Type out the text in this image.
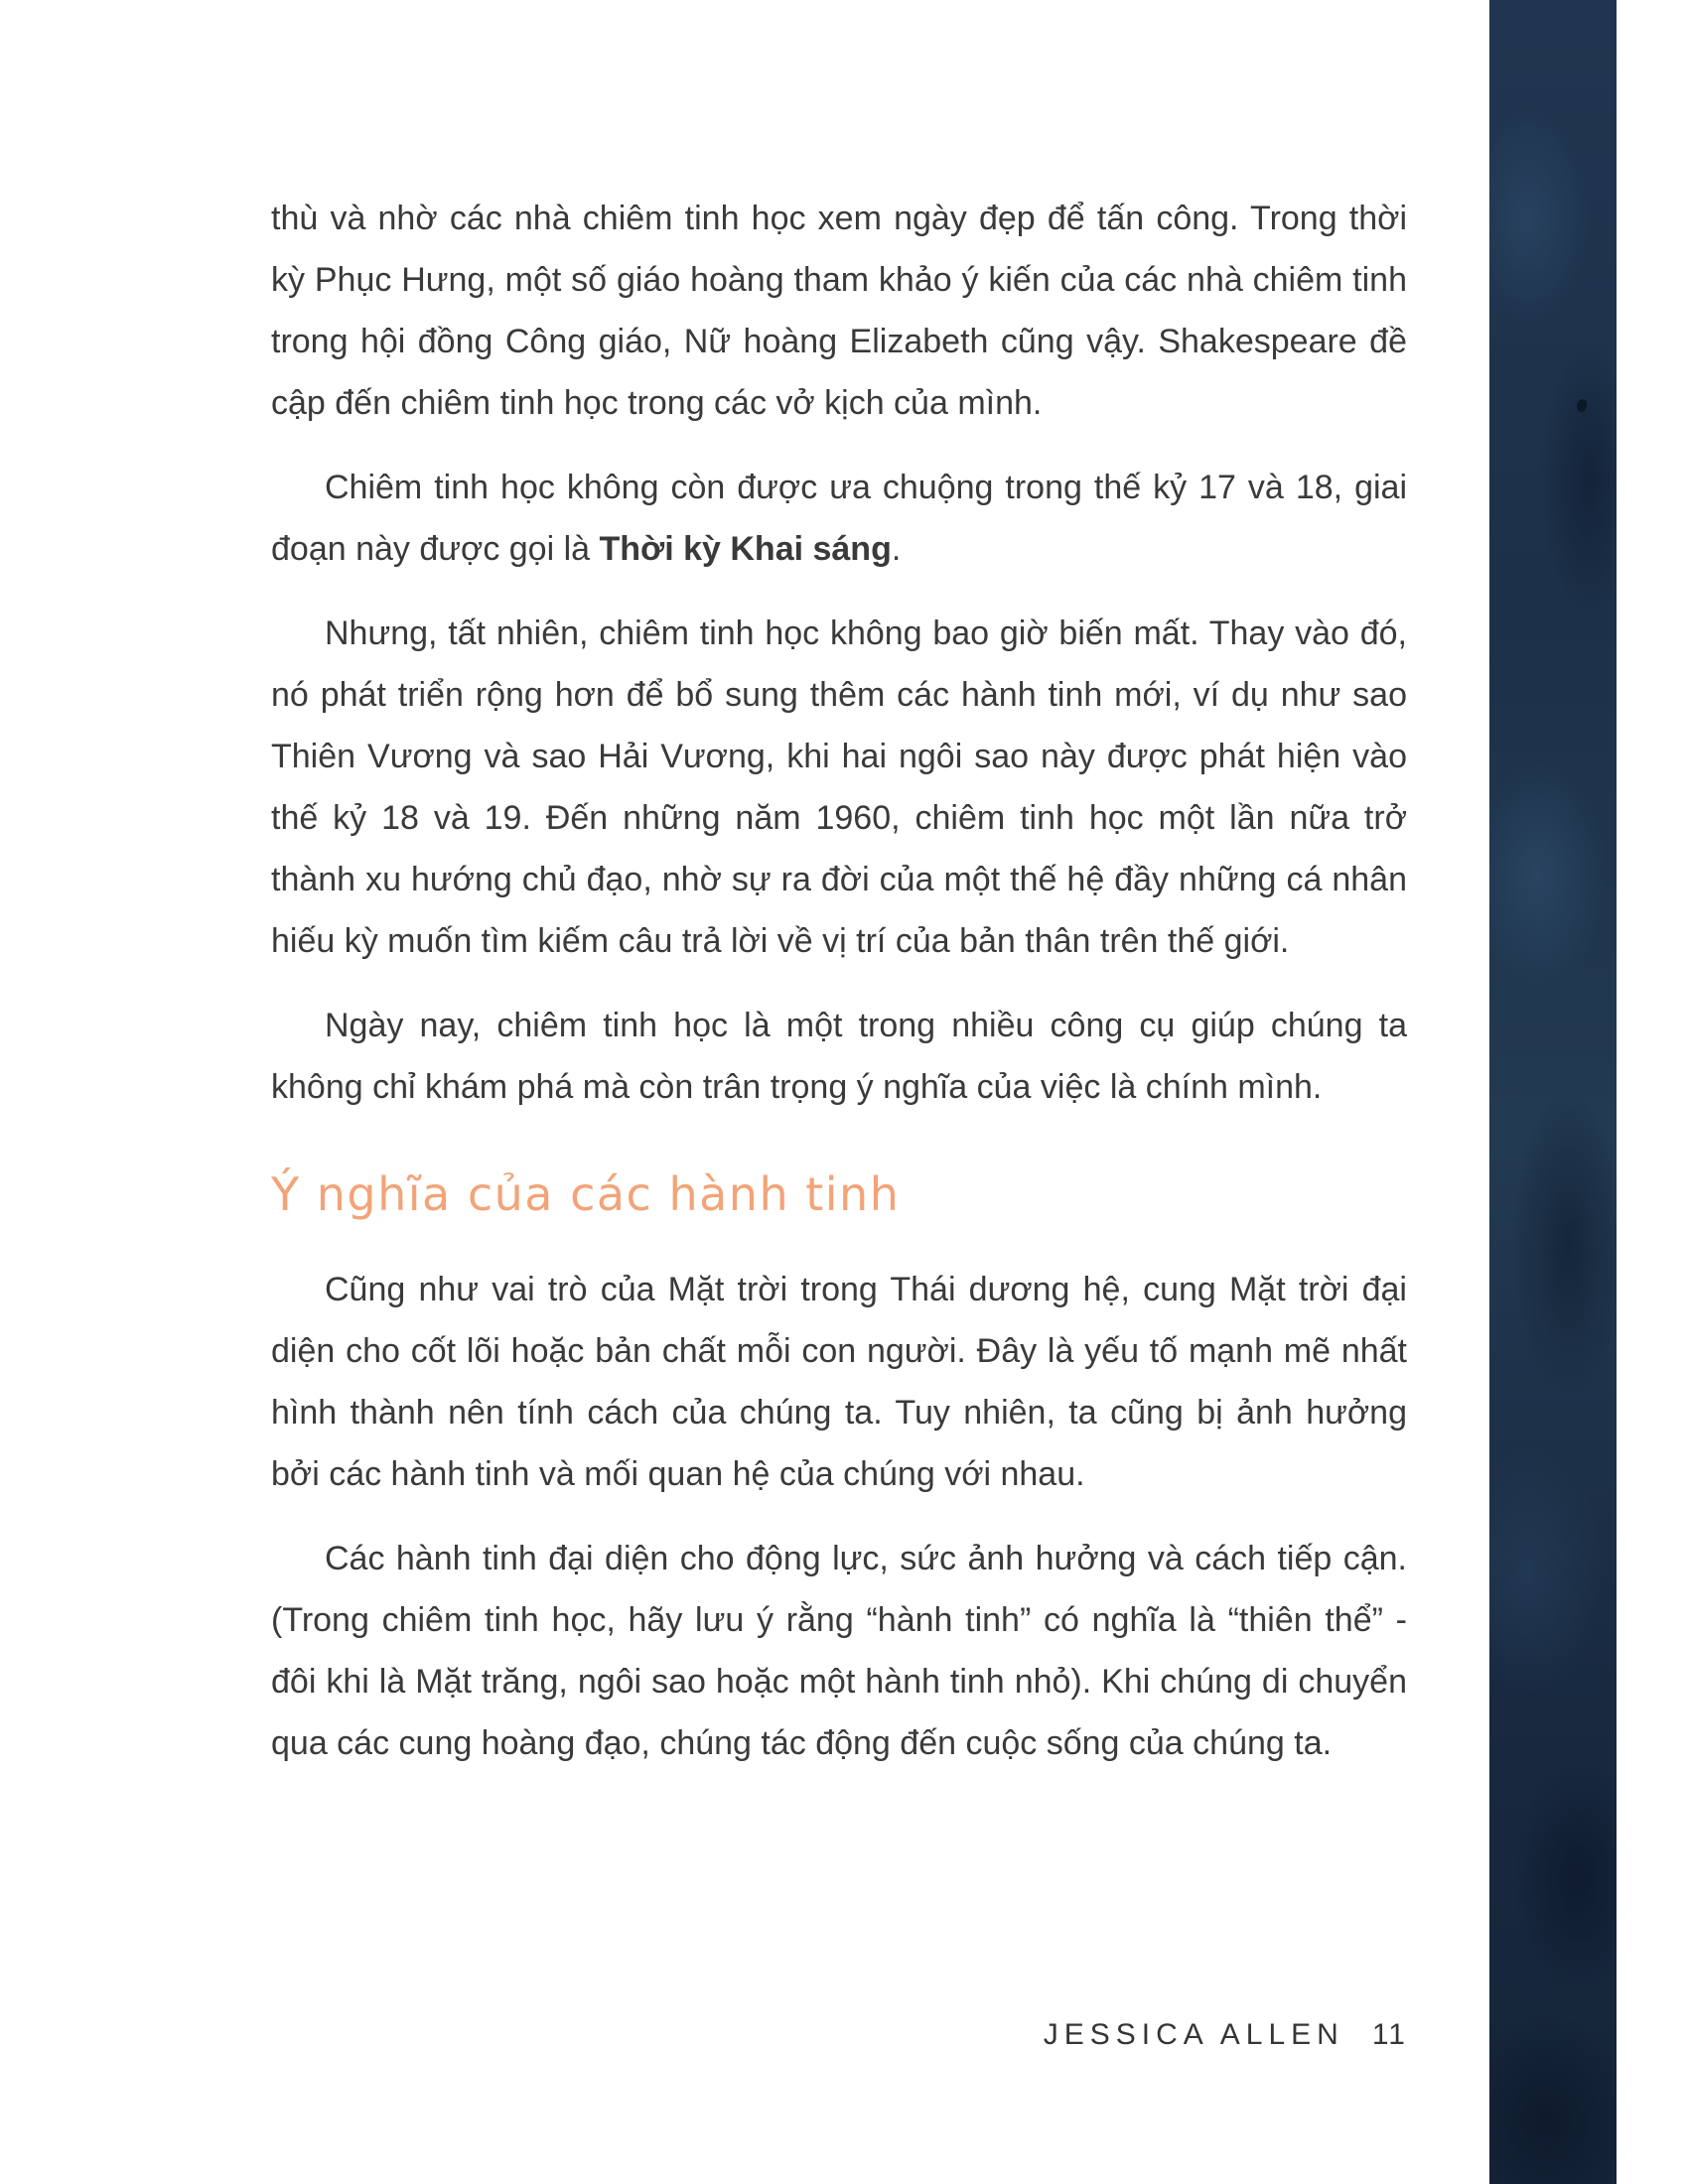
thù và nhờ các nhà chiêm tinh học xem ngày đẹp để tấn công. Trong thời kỳ Phục Hưng, một số giáo hoàng tham khảo ý kiến của các nhà chiêm tinh trong hội đồng Công giáo, Nữ hoàng Elizabeth cũng vậy. Shakespeare đề cập đến chiêm tinh học trong các vở kịch của mình.

Chiêm tinh học không còn được ưa chuộng trong thế kỷ 17 và 18, giai đoạn này được gọi là Thời kỳ Khai sáng.

Nhưng, tất nhiên, chiêm tinh học không bao giờ biến mất. Thay vào đó, nó phát triển rộng hơn để bổ sung thêm các hành tinh mới, ví dụ như sao Thiên Vương và sao Hải Vương, khi hai ngôi sao này được phát hiện vào thế kỷ 18 và 19. Đến những năm 1960, chiêm tinh học một lần nữa trở thành xu hướng chủ đạo, nhờ sự ra đời của một thế hệ đầy những cá nhân hiếu kỳ muốn tìm kiếm câu trả lời về vị trí của bản thân trên thế giới.

Ngày nay, chiêm tinh học là một trong nhiều công cụ giúp chúng ta không chỉ khám phá mà còn trân trọng ý nghĩa của việc là chính mình.

Ý nghĩa của các hành tinh

Cũng như vai trò của Mặt trời trong Thái dương hệ, cung Mặt trời đại diện cho cốt lõi hoặc bản chất mỗi con người. Đây là yếu tố mạnh mẽ nhất hình thành nên tính cách của chúng ta. Tuy nhiên, ta cũng bị ảnh hưởng bởi các hành tinh và mối quan hệ của chúng với nhau.

Các hành tinh đại diện cho động lực, sức ảnh hưởng và cách tiếp cận. (Trong chiêm tinh học, hãy lưu ý rằng “hành tinh” có nghĩa là “thiên thể” - đôi khi là Mặt trăng, ngôi sao hoặc một hành tinh nhỏ). Khi chúng di chuyển qua các cung hoàng đạo, chúng tác động đến cuộc sống của chúng ta.

JESSICA ALLEN 11
